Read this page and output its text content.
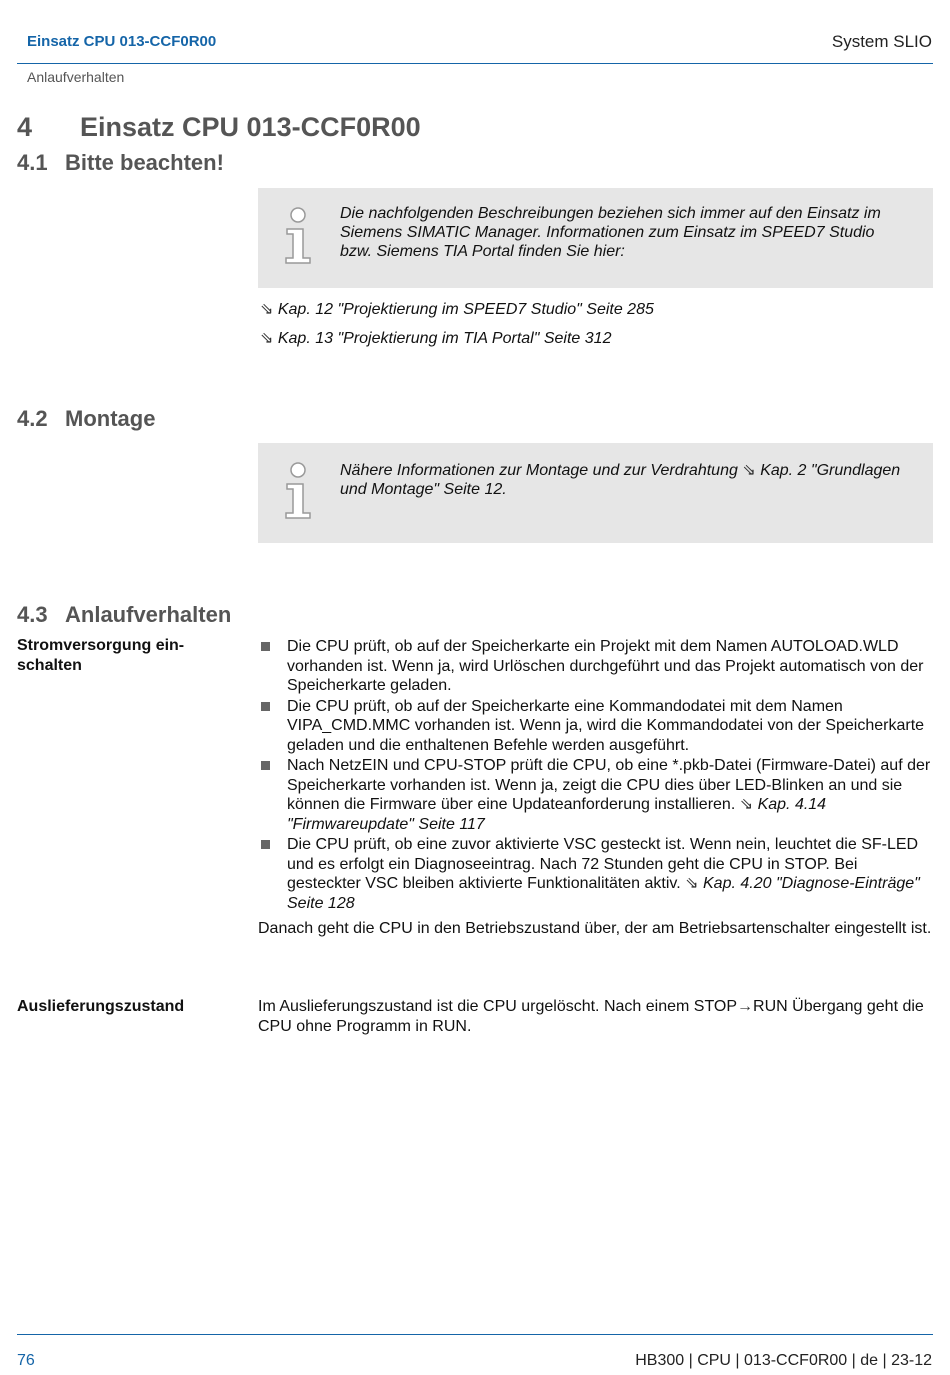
Einsatz CPU 013-CCF0R00	System SLIO
Anlaufverhalten
4 Einsatz CPU 013-CCF0R00
4.1 Bitte beachten!
Die nachfolgenden Beschreibungen beziehen sich immer auf den Einsatz im Siemens SIMATIC Manager. Informationen zum Einsatz im SPEED7 Studio bzw. Siemens TIA Portal finden Sie hier:
⇘ Kap. 12 "Projektierung im SPEED7 Studio" Seite 285
⇘ Kap. 13 "Projektierung im TIA Portal" Seite 312
4.2 Montage
Nähere Informationen zur Montage und zur Verdrahtung ⇘ Kap. 2 "Grundlagen und Montage" Seite 12.
4.3 Anlaufverhalten
Stromversorgung ein-schalten
Die CPU prüft, ob auf der Speicherkarte ein Projekt mit dem Namen AUTOLOAD.WLD vorhanden ist. Wenn ja, wird Urlöschen durchgeführt und das Projekt automatisch von der Speicherkarte geladen.
Die CPU prüft, ob auf der Speicherkarte eine Kommandodatei mit dem Namen VIPA_CMD.MMC vorhanden ist. Wenn ja, wird die Kommandodatei von der Speicherkarte geladen und die enthaltenen Befehle werden ausgeführt.
Nach NetzEIN und CPU-STOP prüft die CPU, ob eine *.pkb-Datei (Firmware-Datei) auf der Speicherkarte vorhanden ist. Wenn ja, zeigt die CPU dies über LED-Blinken an und sie können die Firmware über eine Updateanforderung installieren. ⇘ Kap. 4.14 "Firmwareupdate" Seite 117
Die CPU prüft, ob eine zuvor aktivierte VSC gesteckt ist. Wenn nein, leuchtet die SF-LED und es erfolgt ein Diagnoseeintrag. Nach 72 Stunden geht die CPU in STOP. Bei gesteckter VSC bleiben aktivierte Funktionalitäten aktiv. ⇘ Kap. 4.20 "Diagnose-Einträge" Seite 128
Danach geht die CPU in den Betriebszustand über, der am Betriebsartenschalter eingestellt ist.
Auslieferungszustand	Im Auslieferungszustand ist die CPU urgelöscht. Nach einem STOP→RUN Übergang geht die CPU ohne Programm in RUN.
76	HB300 | CPU | 013-CCF0R00 | de | 23-12
